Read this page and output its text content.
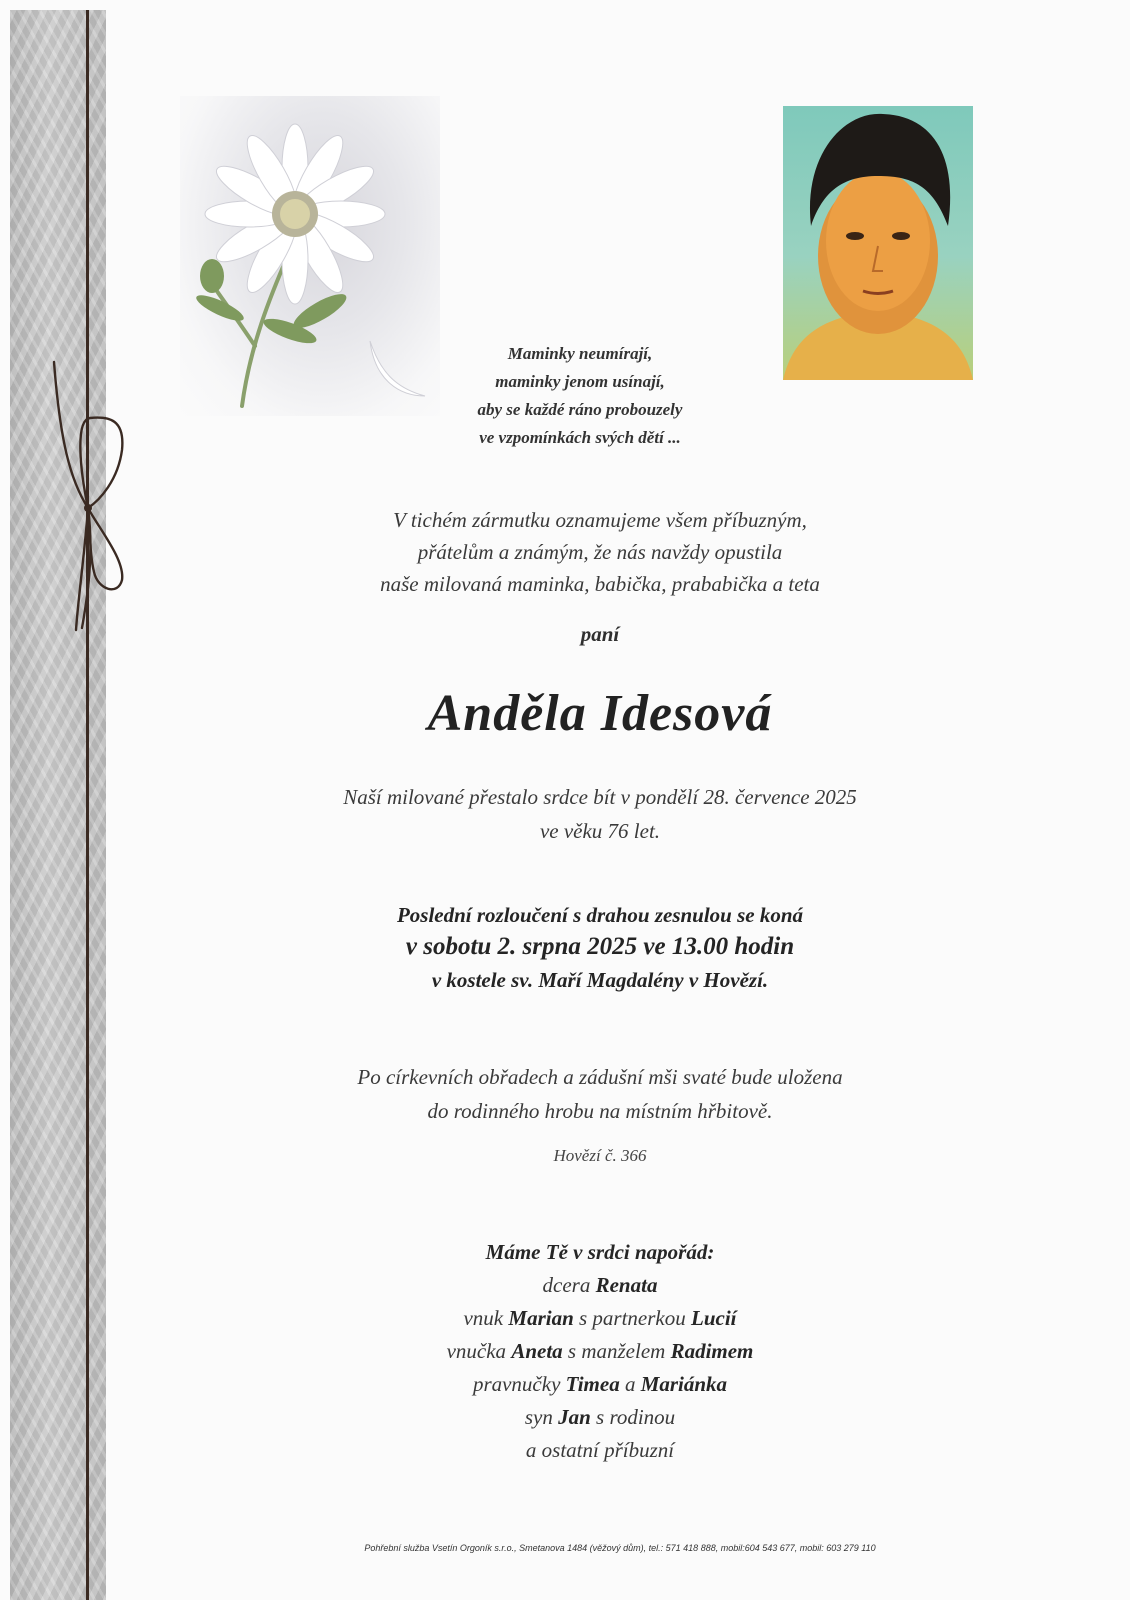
Maminky neumírají,
maminky jenom usínají,
aby se každé ráno probouzely
ve vzpomínkách svých dětí ...
V tichém zármutku oznamujeme všem příbuzným,
přátelům a známým, že nás navždy opustila
naše milovaná maminka, babička, prababička a teta
paní
Anděla Idesová
Naší milované přestalo srdce bít v pondělí 28. července 2025
ve věku 76 let.
Poslední rozloučení s drahou zesnulou se koná
v sobotu 2. srpna 2025 ve 13.00 hodin
v kostele sv. Maří Magdalény v Hovězí.
Po církevních obřadech a zádušní mši svaté bude uložena
do rodinného hrobu na místním hřbitově.
Hovězí č. 366
Máme Tě v srdci napořád:
dcera Renata
vnuk Marian s partnerkou Lucií
vnučka Aneta s manželem Radimem
pravnučky Timea a Mariánka
syn Jan s rodinou
a ostatní příbuzní
Pohřební služba Vsetín Orgoník s.r.o., Smetanova 1484 (věžový dům), tel.: 571 418 888, mobil:604 543 677, mobil: 603 279 110
